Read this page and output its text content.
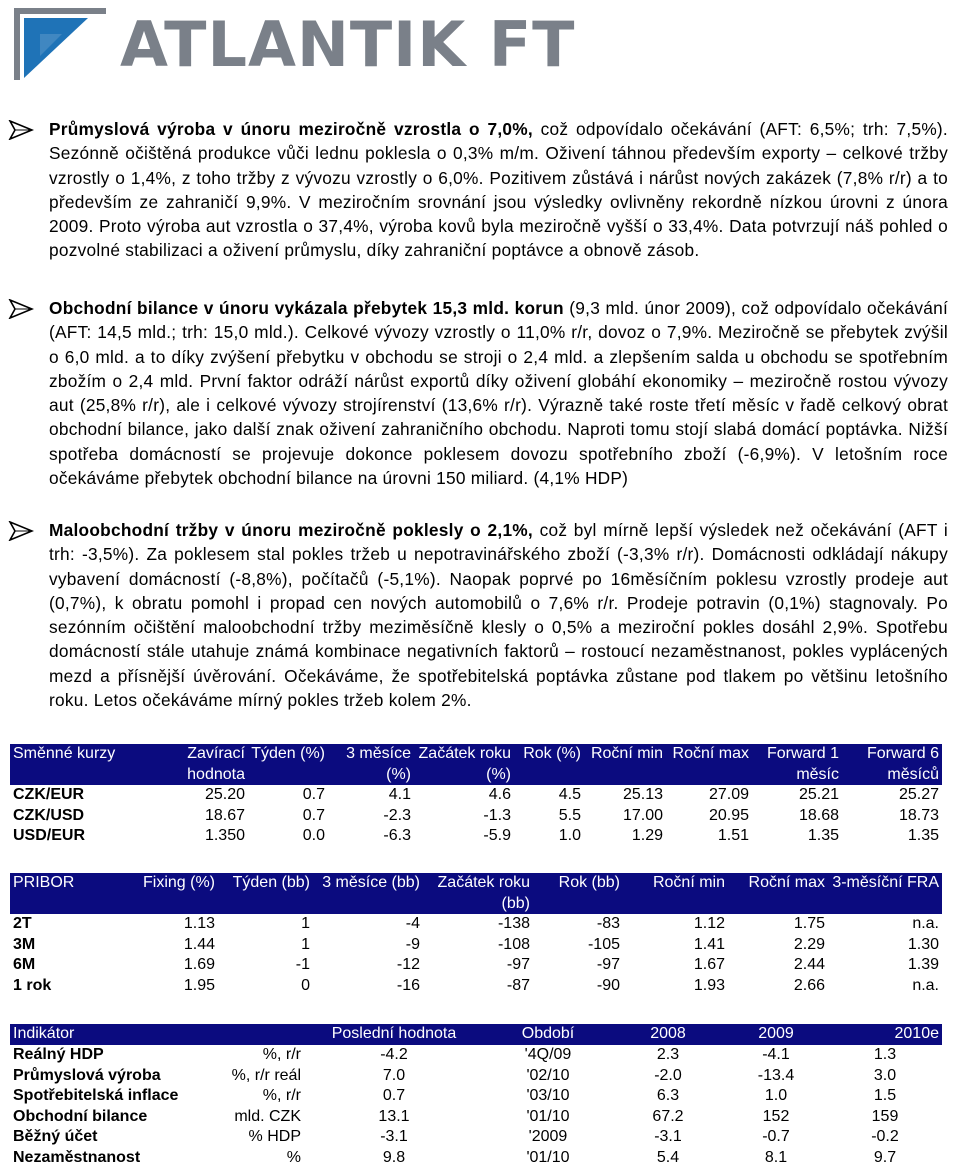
ATLANTIK FT
Průmyslová výroba v únoru meziročně vzrostla o 7,0%, což odpovídalo očekávání (AFT: 6,5%; trh: 7,5%). Sezónně očištěná produkce vůči lednu poklesla o 0,3% m/m. Oživení táhnou především exporty – celkové tržby vzrostly o 1,4%, z toho tržby z vývozu vzrostly o 6,0%. Pozitivem zůstává i nárůst nových zakázek (7,8% r/r) a to především ze zahraničí 9,9%. V meziročním srovnání jsou výsledky ovlivněny rekordně nízkou úrovni z února 2009. Proto výroba aut vzrostla o 37,4%, výroba kovů byla meziročně vyšší o 33,4%. Data potvrzují náš pohled o pozvolné stabilizaci a oživení průmyslu, díky zahraniční poptávce a obnově zásob.
Obchodní bilance v únoru vykázala přebytek 15,3 mld. korun (9,3 mld. únor 2009), což odpovídalo očekávání (AFT: 14,5 mld.; trh: 15,0 mld.). Celkové vývozy vzrostly o 11,0% r/r, dovoz o 7,9%. Meziročně se přebytek zvýšil o 6,0 mld. a to díky zvýšení přebytku v obchodu se stroji o 2,4 mld. a zlepšením salda u obchodu se spotřebním zbožím o 2,4 mld. První faktor odráží nárůst exportů díky oživení globáhí ekonomiky – meziročně rostou vývozy aut (25,8% r/r), ale i celkové vývozy strojírenství (13,6% r/r). Výrazně také roste třetí měsíc v řadě celkový obrat obchodní bilance, jako další znak oživení zahraničního obchodu. Naproti tomu stojí slabá domácí poptávka. Nižší spotřeba domácností se projevuje dokonce poklesem dovozu spotřebního zboží (-6,9%). V letošním roce očekáváme přebytek obchodní bilance na úrovni 150 miliard. (4,1% HDP)
Maloobchodní tržby v únoru meziročně poklesly o 2,1%, což byl mírně lepší výsledek než očekávání (AFT i trh: -3,5%). Za poklesem stal pokles tržeb u nepotravinářského zboží (-3,3% r/r). Domácnosti odkládají nákupy vybavení domácností (-8,8%), počítačů (-5,1%). Naopak poprvé po 16měsíčním poklesu vzrostly prodeje aut (0,7%), k obratu pomohl i propad cen nových automobilů o 7,6% r/r. Prodeje potravin (0,1%) stagnovaly. Po sezónním očištění maloobchodní tržby meziměsíčně klesly o 0,5% a meziroční pokles dosáhl 2,9%. Spotřebu domácností stále utahuje známá kombinace negativních faktorů – rostoucí nezaměstnanost, pokles vyplácených mezd a přísnější úvěrování. Očekáváme, že spotřebitelská poptávka zůstane pod tlakem po většinu letošního roku. Letos očekáváme mírný pokles tržeb kolem 2%.
Směnné kurzy	Zavírací hodnota	Týden (%)	3 měsíce (%)	Začátek roku (%)	Rok (%)	Roční min	Roční max	Forward 1 měsíc	Forward 6 měsíců
CZK/EUR	25.20	0.7	4.1	4.6	4.5	25.13	27.09	25.21	25.27
CZK/USD	18.67	0.7	-2.3	-1.3	5.5	17.00	20.95	18.68	18.73
USD/EUR	1.350	0.0	-6.3	-5.9	1.0	1.29	1.51	1.35	1.35
PRIBOR	Fixing (%)	Týden (bb)	3 měsíce (bb)	Začátek roku (bb)	Rok (bb)	Roční min	Roční max	3-měsíční FRA
2T	1.13	1	-4	-138	-83	1.12	1.75	n.a.
3M	1.44	1	-9	-108	-105	1.41	2.29	1.30
6M	1.69	-1	-12	-97	-97	1.67	2.44	1.39
1 rok	1.95	0	-16	-87	-90	1.93	2.66	n.a.
Indikátor		Poslední hodnota	Období	2008	2009	2010e
Reálný HDP	%, r/r	-4.2	'4Q/09	2.3	-4.1	1.3
Průmyslová výroba	%, r/r reál	7.0	'02/10	-2.0	-13.4	3.0
Spotřebitelská inflace	%, r/r	0.7	'03/10	6.3	1.0	1.5
Obchodní bilance	mld. CZK	13.1	'01/10	67.2	152	159
Běžný účet	% HDP	-3.1	'2009	-3.1	-0.7	-0.2
Nezaměstnanost	%	9.8	'01/10	5.4	8.1	9.7
